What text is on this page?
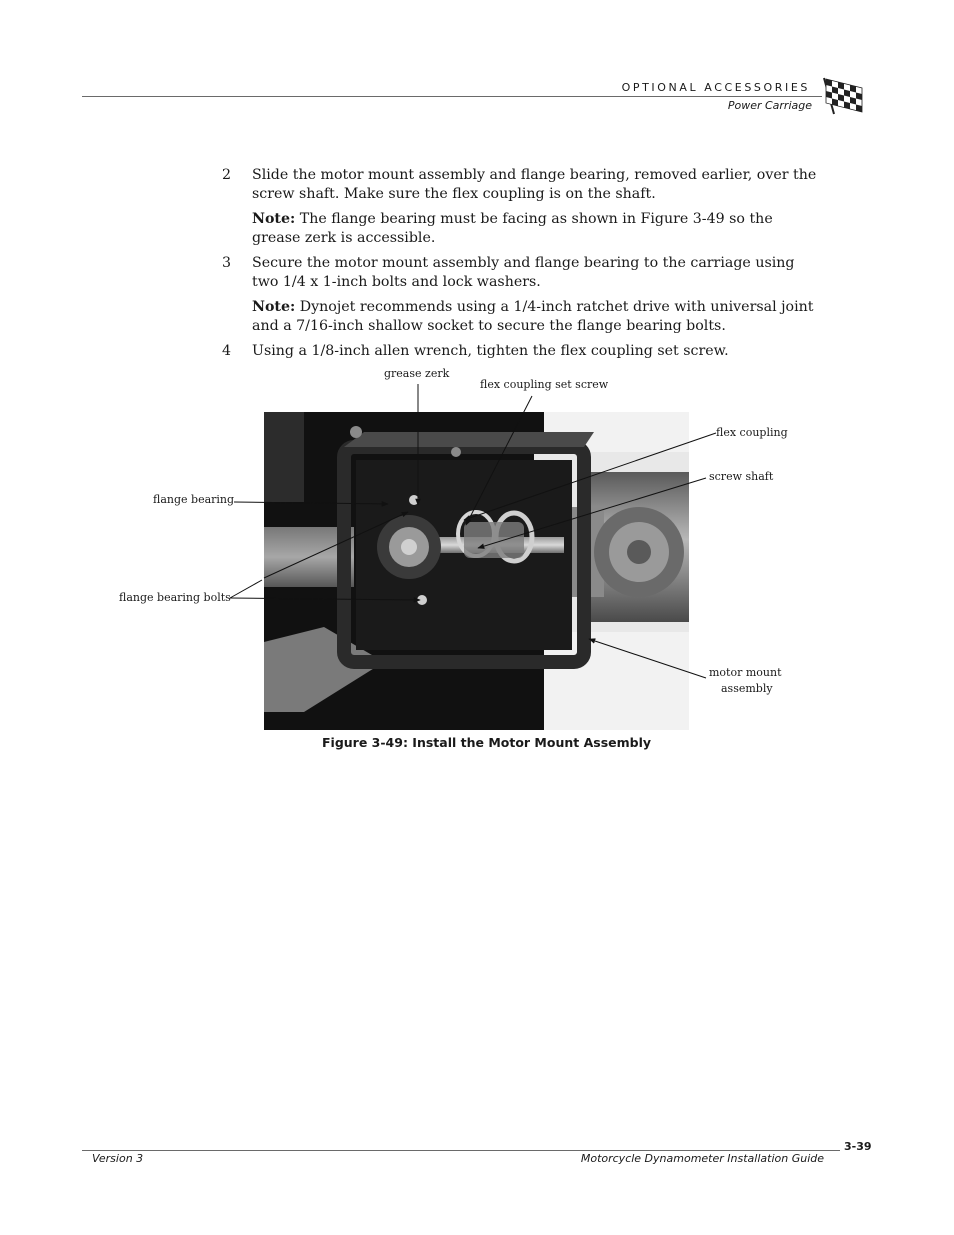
OPTIONAL ACCESSORIES
Power Carriage
2 Slide the motor mount assembly and flange bearing, removed earlier, over the screw shaft. Make sure the flex coupling is on the shaft.
Note: The flange bearing must be facing as shown in Figure 3-49 so the grease zerk is accessible.
3 Secure the motor mount assembly and flange bearing to the carriage using two 1/4 x 1-inch bolts and lock washers.
Note: Dynojet recommends using a 1/4-inch ratchet drive with universal joint and a 7/16-inch shallow socket to secure the flange bearing bolts.
4 Using a 1/8-inch allen wrench, tighten the flex coupling set screw.
grease zerk
flex coupling set screw
flex coupling
screw shaft
flange bearing
flange bearing bolts
motor mount
assembly
Figure 3-49: Install the Motor Mount Assembly
Version 3	Motorcycle Dynamometer Installation Guide
3-39
